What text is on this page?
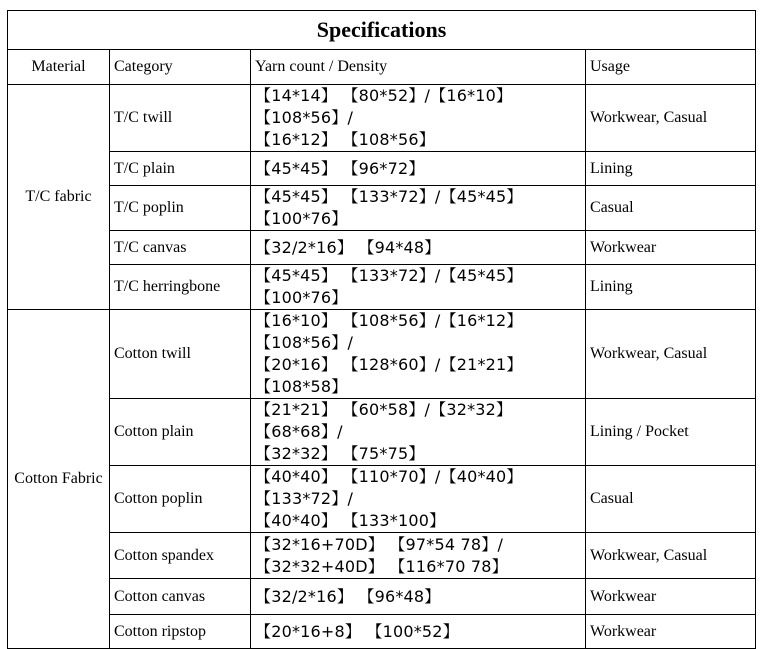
Specifications			
Material	Category	Yarn count / Density	Usage
T/C fabric	T/C twill	【14*14】 【80*52】/【16*10】 【108*56】/
【16*12】 【108*56】	Workwear, Casual
	T/C plain	【45*45】 【96*72】	Lining
	T/C poplin	【45*45】 【133*72】/【45*45】 【100*76】	Casual
	T/C canvas	【32/2*16】 【94*48】	Workwear
	T/C herringbone	【45*45】 【133*72】/【45*45】 【100*76】	Lining
Cotton Fabric	Cotton twill	【16*10】 【108*56】/【16*12】 【108*56】/
【20*16】 【128*60】/【21*21】 【108*58】	Workwear, Casual
	Cotton plain	【21*21】 【60*58】/【32*32】 【68*68】/
【32*32】 【75*75】	Lining / Pocket
	Cotton poplin	【40*40】 【110*70】/【40*40】 【133*72】/
【40*40】 【133*100】	Casual
	Cotton spandex	【32*16+70D】 【97*54 78】/
【32*32+40D】 【116*70 78】	Workwear, Casual
	Cotton canvas	【32/2*16】 【96*48】	Workwear
	Cotton ripstop	【20*16+8】 【100*52】	Workwear
